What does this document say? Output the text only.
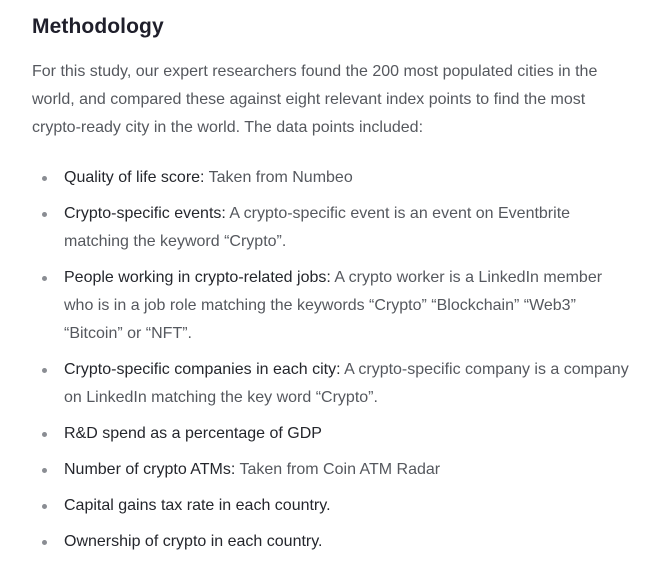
Methodology

For this study, our expert researchers found the 200 most populated cities in the world, and compared these against eight relevant index points to find the most crypto-ready city in the world. The data points included:

Quality of life score: Taken from Numbeo
Crypto-specific events: A crypto-specific event is an event on Eventbrite matching the keyword “Crypto”.
People working in crypto-related jobs: A crypto worker is a LinkedIn member who is in a job role matching the keywords “Crypto” “Blockchain” “Web3” “Bitcoin” or “NFT”.
Crypto-specific companies in each city: A crypto-specific company is a company on LinkedIn matching the key word “Crypto”.
R&D spend as a percentage of GDP
Number of crypto ATMs: Taken from Coin ATM Radar
Capital gains tax rate in each country.
Ownership of crypto in each country.
